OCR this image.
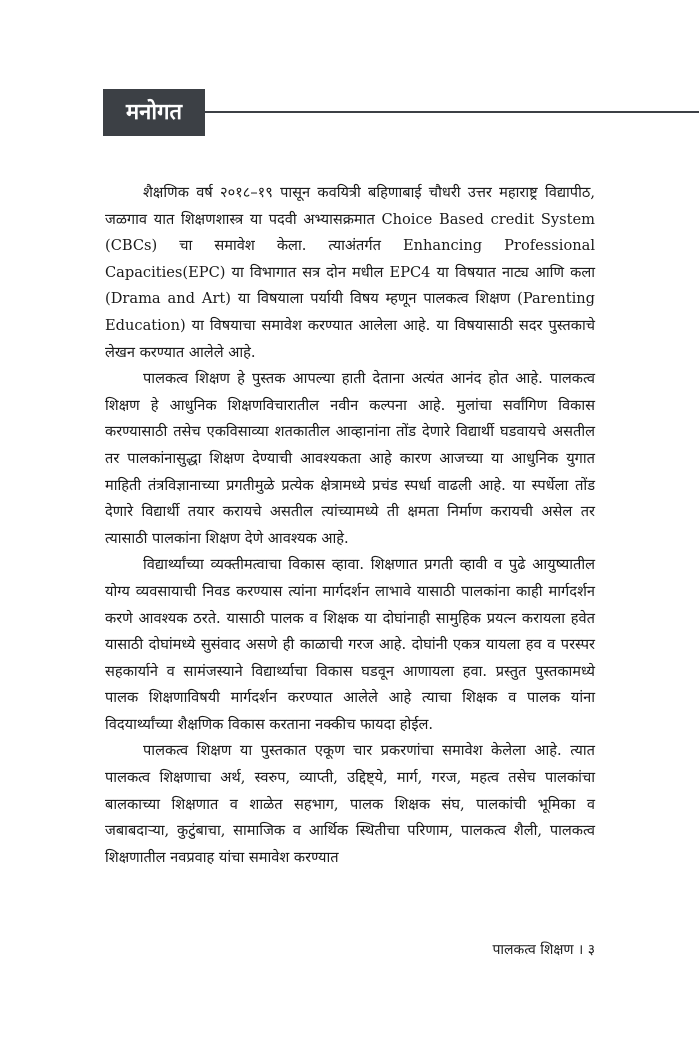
मनोगत

शैक्षणिक वर्ष २०१८–१९ पासून कवयित्री बहिणाबाई चौधरी उत्तर महाराष्ट्र विद्यापीठ, जळगाव यात शिक्षणशास्त्र या पदवी अभ्यासक्रमात Choice Based credit System (CBCs) चा समावेश केला. त्याअंतर्गत Enhancing Professional Capacities(EPC) या विभागात सत्र दोन मधील EPC4 या विषयात नाट्य आणि कला (Drama and Art) या विषयाला पर्यायी विषय म्हणून पालकत्व शिक्षण (Parenting Education) या विषयाचा समावेश करण्यात आलेला आहे. या विषयासाठी सदर पुस्तकाचे लेखन करण्यात आलेले आहे.

पालकत्व शिक्षण हे पुस्तक आपल्या हाती देताना अत्यंत आनंद होत आहे. पालकत्व शिक्षण हे आधुनिक शिक्षणविचारातील नवीन कल्पना आहे. मुलांचा सर्वांगिण विकास करण्यासाठी तसेच एकविसाव्या शतकातील आव्हानांना तोंड देणारे विद्यार्थी घडवायचे असतील तर पालकांनासुद्धा शिक्षण देण्याची आवश्यकता आहे कारण आजच्या या आधुनिक युगात माहिती तंत्रविज्ञानाच्या प्रगतीमुळे प्रत्येक क्षेत्रामध्ये प्रचंड स्पर्धा वाढली आहे. या स्पर्धेला तोंड देणारे विद्यार्थी तयार करायचे असतील त्यांच्यामध्ये ती क्षमता निर्माण करायची असेल तर त्यासाठी पालकांना शिक्षण देणे आवश्यक आहे.

विद्यार्थ्यांच्या व्यक्तीमत्वाचा विकास व्हावा. शिक्षणात प्रगती व्हावी व पुढे आयुष्यातील योग्य व्यवसायाची निवड करण्यास त्यांना मार्गदर्शन लाभावे यासाठी पालकांना काही मार्गदर्शन करणे आवश्यक ठरते. यासाठी पालक व शिक्षक या दोघांनाही सामुहिक प्रयत्न करायला हवेत यासाठी दोघांमध्ये सुसंवाद असणे ही काळाची गरज आहे. दोघांनी एकत्र यायला हव व परस्पर सहकार्याने व सामंजस्याने विद्यार्थ्याचा विकास घडवून आणायला हवा. प्रस्तुत पुस्तकामध्ये पालक शिक्षणाविषयी मार्गदर्शन करण्यात आलेले आहे त्याचा शिक्षक व पालक यांना विदयार्थ्यांच्या शैक्षणिक विकास करताना नक्कीच फायदा होईल.

पालकत्व शिक्षण या पुस्तकात एकूण चार प्रकरणांचा समावेश केलेला आहे. त्यात पालकत्व शिक्षणाचा अर्थ, स्वरुप, व्याप्ती, उद्दिष्ट्ये, मार्ग, गरज, महत्व तसेच पालकांचा बालकाच्या शिक्षणात व शाळेत सहभाग, पालक शिक्षक संघ, पालकांची भूमिका व जबाबदाऱ्या, कुटुंबाचा, सामाजिक व आर्थिक स्थितीचा परिणाम, पालकत्व शैली, पालकत्व शिक्षणातील नवप्रवाह यांचा समावेश करण्यात

पालकत्व शिक्षण । ३
